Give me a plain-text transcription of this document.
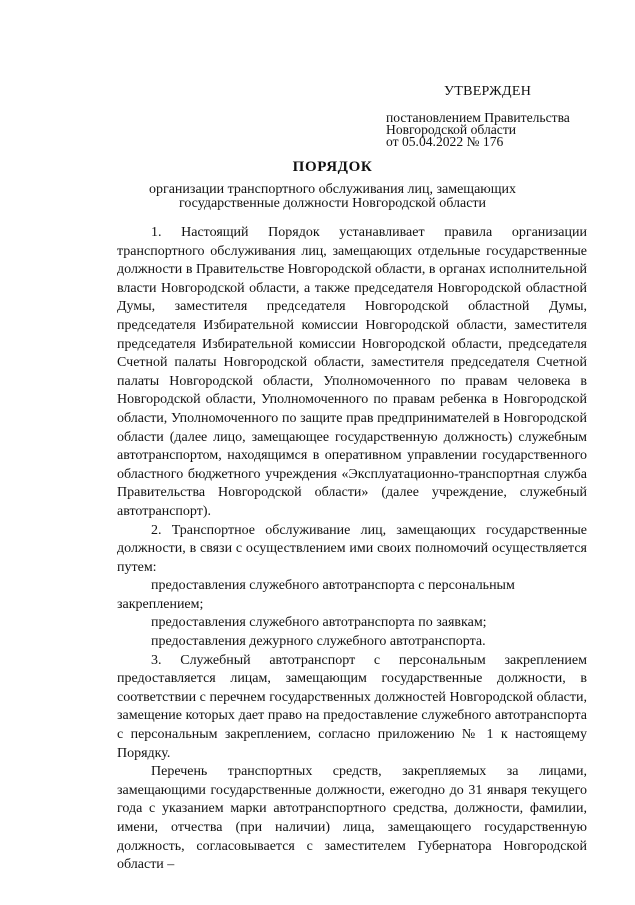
УТВЕРЖДЕН
постановлением Правительства
Новгородской области
от 05.04.2022 № 176
ПОРЯДОК
организации транспортного обслуживания лиц, замещающих
государственные должности Новгородской области

1. Настоящий Порядок устанавливает правила организации транспортного обслуживания лиц, замещающих отдельные государственные должности в Правительстве Новгородской области, в органах исполнительной власти Новгородской области, а также председателя Новгородской областной Думы, заместителя председателя Новгородской областной Думы, председателя Избирательной комиссии Новгородской области, заместителя председателя Избирательной комиссии Новгородской области, председателя Счетной палаты Новгородской области, заместителя председателя Счетной палаты Новгородской области, Уполномоченного по правам человека в Новгородской области, Уполномоченного по правам ребенка в Новгородской области, Уполномоченного по защите прав предпринимателей в Новгородской области (далее лицо, замещающее государственную должность) служебным автотранспортом, находящимся в оперативном управлении государственного областного бюджетного учреждения «Эксплуатационно-транспортная служба Правительства Новгородской области» (далее учреждение, служебный автотранспорт).

2. Транспортное обслуживание лиц, замещающих государственные должности, в связи с осуществлением ими своих полномочий осуществляется путем:

предоставления служебного автотранспорта с персональным закреплением;

предоставления служебного автотранспорта по заявкам;

предоставления дежурного служебного автотранспорта.

3. Служебный автотранспорт с персональным закреплением предоставляется лицам, замещающим государственные должности, в соответствии с перечнем государственных должностей Новгородской области, замещение которых дает право на предоставление служебного автотранспорта с персональным закреплением, согласно приложению № 1 к настоящему Порядку.

Перечень транспортных средств, закрепляемых за лицами, замещающими государственные должности, ежегодно до 31 января текущего года с указанием марки автотранспортного средства, должности, фамилии, имени, отчества (при наличии) лица, замещающего государственную должность, согласовывается с заместителем Губернатора Новгородской области –
